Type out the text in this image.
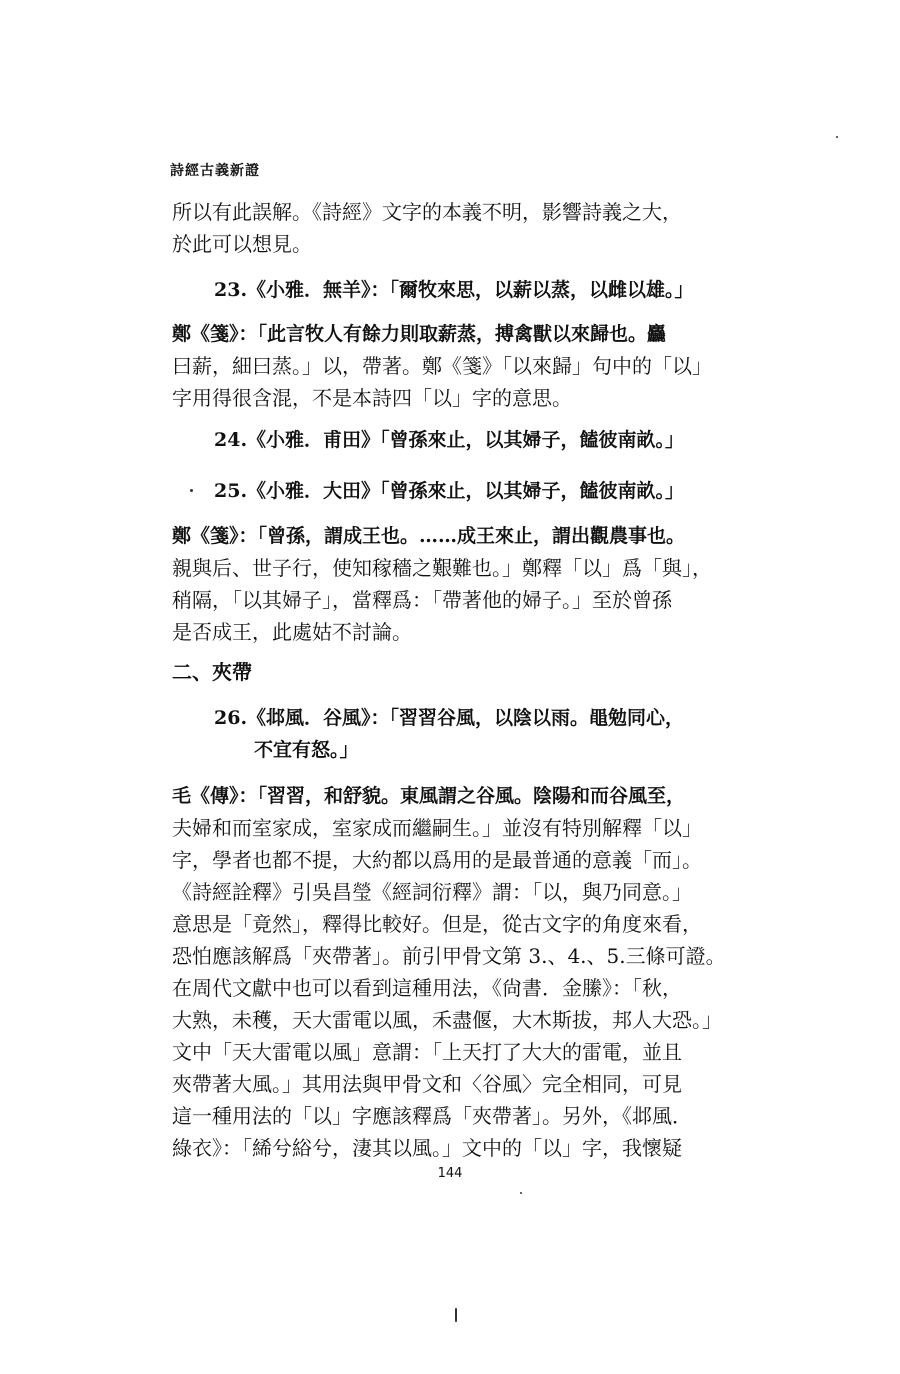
詩經古義新證
所以有此誤解。《詩經》文字的本義不明，影響詩義之大，
於此可以想見。
23.《小雅．無羊》：「爾牧來思，以薪以蒸，以雌以雄。」
鄭《箋》：「此言牧人有餘力則取薪蒸，搏禽獸以來歸也。麤
曰薪，細曰蒸。」以，帶著。鄭《箋》「以來歸」句中的「以」
字用得很含混，不是本詩四「以」字的意思。
24.《小雅．甫田》「曾孫來止，以其婦子，饁彼南畝。」
25.《小雅．大田》「曾孫來止，以其婦子，饁彼南畝。」
鄭《箋》：「曾孫，謂成王也。……成王來止，謂出觀農事也。
親與后、世子行，使知稼穡之艱難也。」鄭釋「以」爲「與」，
稍隔，「以其婦子」，當釋爲：「帶著他的婦子。」至於曾孫
是否成王，此處姑不討論。
二、夾帶
26.《邶風．谷風》：「習習谷風，以陰以雨。黽勉同心，
不宜有怒。」
毛《傳》：「習習，和舒貌。東風謂之谷風。陰陽和而谷風至，
夫婦和而室家成，室家成而繼嗣生。」並沒有特別解釋「以」
字，學者也都不提，大約都以爲用的是最普通的意義「而」。
《詩經詮釋》引吳昌瑩《經詞衍釋》謂：「以，與乃同意。」
意思是「竟然」，釋得比較好。但是，從古文字的角度來看，
恐怕應該解爲「夾帶著」。前引甲骨文第 3.、4.、5.三條可證。
在周代文獻中也可以看到這種用法，《尙書．金縢》：「秋，
大熟，未穫，天大雷電以風，禾盡偃，大木斯拔，邦人大恐。」
文中「天大雷電以風」意謂：「上天打了大大的雷電，並且
夾帶著大風。」其用法與甲骨文和〈谷風〉完全相同，可見
這一種用法的「以」字應該釋爲「夾帶著」。另外，《邶風．
綠衣》：「絺兮綌兮，淒其以風。」文中的「以」字，我懷疑
144
